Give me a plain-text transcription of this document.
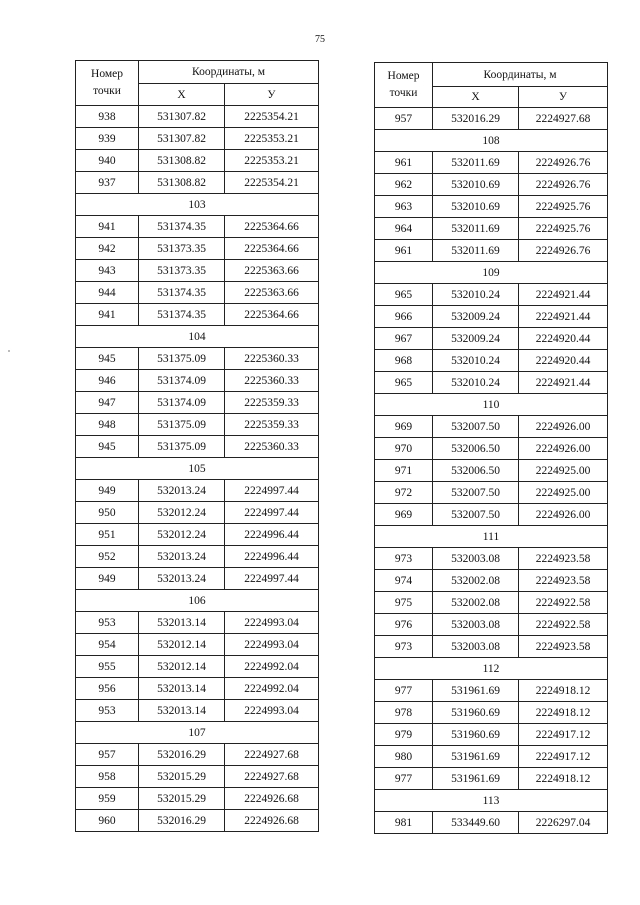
75
Номер
точки	Координаты, м	
	Х	У
938	531307.82	2225354.21
939	531307.82	2225353.21
940	531308.82	2225353.21
937	531308.82	2225354.21
103		
941	531374.35	2225364.66
942	531373.35	2225364.66
943	531373.35	2225363.66
944	531374.35	2225363.66
941	531374.35	2225364.66
104		
945	531375.09	2225360.33
946	531374.09	2225360.33
947	531374.09	2225359.33
948	531375.09	2225359.33
945	531375.09	2225360.33
105		
949	532013.24	2224997.44
950	532012.24	2224997.44
951	532012.24	2224996.44
952	532013.24	2224996.44
949	532013.24	2224997.44
106		
953	532013.14	2224993.04
954	532012.14	2224993.04
955	532012.14	2224992.04
956	532013.14	2224992.04
953	532013.14	2224993.04
107		
957	532016.29	2224927.68
958	532015.29	2224927.68
959	532015.29	2224926.68
960	532016.29	2224926.68
Номер
точки	Координаты, м	
	Х	У
957	532016.29	2224927.68
108		
961	532011.69	2224926.76
962	532010.69	2224926.76
963	532010.69	2224925.76
964	532011.69	2224925.76
961	532011.69	2224926.76
109		
965	532010.24	2224921.44
966	532009.24	2224921.44
967	532009.24	2224920.44
968	532010.24	2224920.44
965	532010.24	2224921.44
110		
969	532007.50	2224926.00
970	532006.50	2224926.00
971	532006.50	2224925.00
972	532007.50	2224925.00
969	532007.50	2224926.00
111		
973	532003.08	2224923.58
974	532002.08	2224923.58
975	532002.08	2224922.58
976	532003.08	2224922.58
973	532003.08	2224923.58
112		
977	531961.69	2224918.12
978	531960.69	2224918.12
979	531960.69	2224917.12
980	531961.69	2224917.12
977	531961.69	2224918.12
113		
981	533449.60	2226297.04
